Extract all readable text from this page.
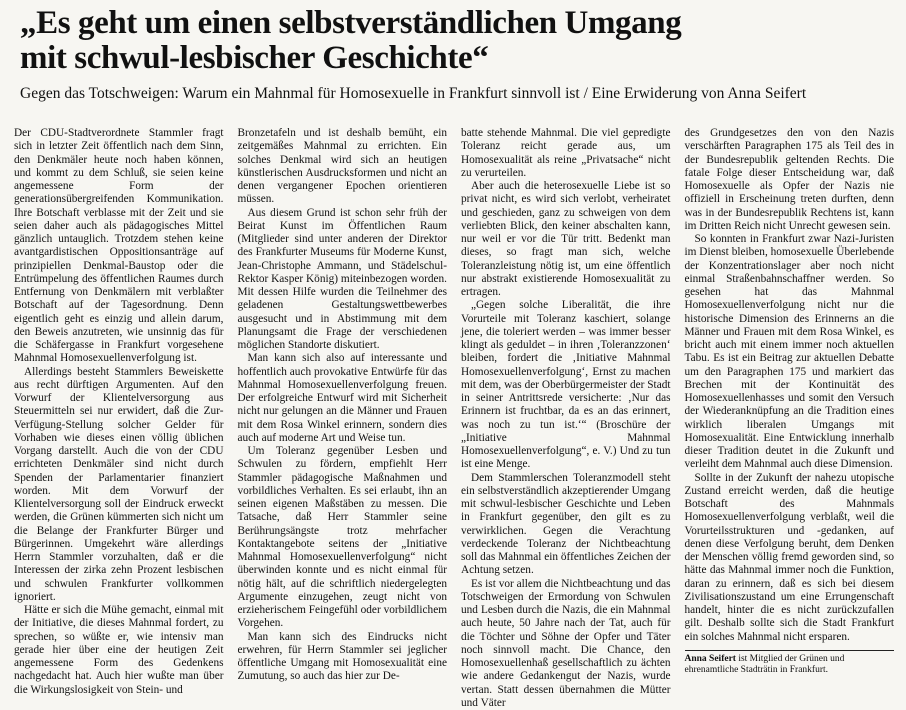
„Es geht um einen selbstverständlichen Umgang
mit schwul-lesbischer Geschichte“
Gegen das Totschweigen: Warum ein Mahnmal für Homosexuelle in Frankfurt sinnvoll ist / Eine Erwiderung von Anna Seifert

Der CDU-Stadtverordnete Stammler fragt sich in letzter Zeit öffentlich nach dem Sinn, den Denkmäler heute noch haben können, und kommt zu dem Schluß, sie seien keine angemessene Form der generationsübergreifenden Kommunikation. Ihre Botschaft verblasse mit der Zeit und sie seien daher auch als pädagogisches Mittel gänzlich untauglich. Trotzdem stehen keine avantgardistischen Oppositionsanträge auf prinzipiellen Denkmal-Baustop oder die Entrümpelung des öffentlichen Raumes durch Entfernung von Denkmälern mit verblaßter Botschaft auf der Tagesordnung. Denn eigentlich geht es einzig und allein darum, den Beweis anzutreten, wie unsinnig das für die Schäfergasse in Frankfurt vorgesehene Mahnmal Homosexuellenverfolgung ist.

Allerdings besteht Stammlers Beweiskette aus recht dürftigen Argumenten. Auf den Vorwurf der Klientelversorgung aus Steuermitteln sei nur erwidert, daß die Zur-Verfügung-Stellung solcher Gelder für Vorhaben wie dieses einen völlig üblichen Vorgang darstellt. Auch die von der CDU errichteten Denkmäler sind nicht durch Spenden der Parlamentarier finanziert worden. Mit dem Vorwurf der Klientelversorgung soll der Eindruck erweckt werden, die Grünen kümmerten sich nicht um die Belange der Frankfurter Bürger und Bürgerinnen. Umgekehrt wäre allerdings Herrn Stammler vorzuhalten, daß er die Interessen der zirka zehn Prozent lesbischen und schwulen Frankfurter vollkommen ignoriert.

Hätte er sich die Mühe gemacht, einmal mit der Initiative, die dieses Mahnmal fordert, zu sprechen, so wüßte er, wie intensiv man gerade hier über eine der heutigen Zeit angemessene Form des Gedenkens nachgedacht hat. Auch hier wußte man über die Wirkungslosigkeit von Stein- und

Bronzetafeln und ist deshalb bemüht, ein zeitgemäßes Mahnmal zu errichten. Ein solches Denkmal wird sich an heutigen künstlerischen Ausdrucksformen und nicht an denen vergangener Epochen orientieren müssen.

Aus diesem Grund ist schon sehr früh der Beirat Kunst im Öffentlichen Raum (Mitglieder sind unter anderen der Direktor des Frankfurter Museums für Moderne Kunst, Jean-Christophe Ammann, und Städelschul-Rektor Kasper König) miteinbezogen worden. Mit dessen Hilfe wurden die Teilnehmer des geladenen Gestaltungswettbewerbes ausgesucht und in Abstimmung mit dem Planungsamt die Frage der verschiedenen möglichen Standorte diskutiert.

Man kann sich also auf interessante und hoffentlich auch provokative Entwürfe für das Mahnmal Homosexuellenverfolgung freuen. Der erfolgreiche Entwurf wird mit Sicherheit nicht nur gelungen an die Männer und Frauen mit dem Rosa Winkel erinnern, sondern dies auch auf moderne Art und Weise tun.

Um Toleranz gegenüber Lesben und Schwulen zu fördern, empfiehlt Herr Stammler pädagogische Maßnahmen und vorbildliches Verhalten. Es sei erlaubt, ihn an seinen eigenen Maßstäben zu messen. Die Tatsache, daß Herr Stammler seine Berührungsängste trotz mehrfacher Kontaktangebote seitens der „Initiative Mahnmal Homosexuellenverfolgung“ nicht überwinden konnte und es nicht einmal für nötig hält, auf die schriftlich niedergelegten Argumente einzugehen, zeugt nicht von erzieherischem Feingefühl oder vorbildlichem Vorgehen.

Man kann sich des Eindrucks nicht erwehren, für Herrn Stammler sei jeglicher öffentliche Umgang mit Homosexualität eine Zumutung, so auch das hier zur De-

batte stehende Mahnmal. Die viel gepredigte Toleranz reicht gerade aus, um Homosexualität als reine „Privatsache“ nicht zu verurteilen.

Aber auch die heterosexuelle Liebe ist so privat nicht, es wird sich verlobt, verheiratet und geschieden, ganz zu schweigen von dem verliebten Blick, den keiner abschalten kann, nur weil er vor die Tür tritt. Bedenkt man dieses, so fragt man sich, welche Toleranzleistung nötig ist, um eine öffentlich nur abstrakt existierende Homosexualität zu ertragen.

„Gegen solche Liberalität, die ihre Vorurteile mit Toleranz kaschiert, solange jene, die toleriert werden – was immer besser klingt als geduldet – in ihren ‚Toleranzzonen‘ bleiben, fordert die ‚Initiative Mahnmal Homosexuellenverfolgung‘, Ernst zu machen mit dem, was der Oberbürgermeister der Stadt in seiner Antrittsrede versicherte: ‚Nur das Erinnern ist fruchtbar, da es an das erinnert, was noch zu tun ist.‘“ (Broschüre der „Initiative Mahnmal Homosexuellenverfolgung“, e. V.) Und zu tun ist eine Menge.

Dem Stammlerschen Toleranzmodell steht ein selbstverständlich akzeptierender Umgang mit schwul-lesbischer Geschichte und Leben in Frankfurt gegenüber, den gilt es zu verwirklichen. Gegen die Verachtung verdeckende Toleranz der Nichtbeachtung soll das Mahnmal ein öffentliches Zeichen der Achtung setzen.

Es ist vor allem die Nichtbeachtung und das Totschweigen der Ermordung von Schwulen und Lesben durch die Nazis, die ein Mahnmal auch heute, 50 Jahre nach der Tat, auch für die Töchter und Söhne der Opfer und Täter noch sinnvoll macht. Die Chance, den Homosexuellenhaß gesellschaftlich zu ächten wie andere Gedankengut der Nazis, wurde vertan. Statt dessen übernahmen die Mütter und Väter

des Grundgesetzes den von den Nazis verschärften Paragraphen 175 als Teil des in der Bundesrepublik geltenden Rechts. Die fatale Folge dieser Entscheidung war, daß Homosexuelle als Opfer der Nazis nie offiziell in Erscheinung treten durften, denn was in der Bundesrepublik Rechtens ist, kann im Dritten Reich nicht Unrecht gewesen sein.

So konnten in Frankfurt zwar Nazi-Juristen im Dienst bleiben, homosexuelle Überlebende der Konzentrationslager aber noch nicht einmal Straßenbahnschaffner werden. So gesehen hat das Mahnmal Homosexuellenverfolgung nicht nur die historische Dimension des Erinnerns an die Männer und Frauen mit dem Rosa Winkel, es bricht auch mit einem immer noch aktuellen Tabu. Es ist ein Beitrag zur aktuellen Debatte um den Paragraphen 175 und markiert das Brechen mit der Kontinuität des Homosexuellenhasses und somit den Versuch der Wiederanknüpfung an die Tradition eines wirklich liberalen Umgangs mit Homosexualität. Eine Entwicklung innerhalb dieser Tradition deutet in die Zukunft und verleiht dem Mahnmal auch diese Dimension.

Sollte in der Zukunft der nahezu utopische Zustand erreicht werden, daß die heutige Botschaft des Mahnmals Homosexuellenverfolgung verblaßt, weil die Vorurteilsstrukturen und -gedanken, auf denen diese Verfolgung beruht, dem Denken der Menschen völlig fremd geworden sind, so hätte das Mahnmal immer noch die Funktion, daran zu erinnern, daß es sich bei diesem Zivilisationszustand um eine Errungenschaft handelt, hinter die es nicht zurückzufallen gilt. Deshalb sollte sich die Stadt Frankfurt ein solches Mahnmal nicht ersparen.

Anna Seifert ist Mitglied der Grünen und ehrenamtliche Stadträtin in Frankfurt.
